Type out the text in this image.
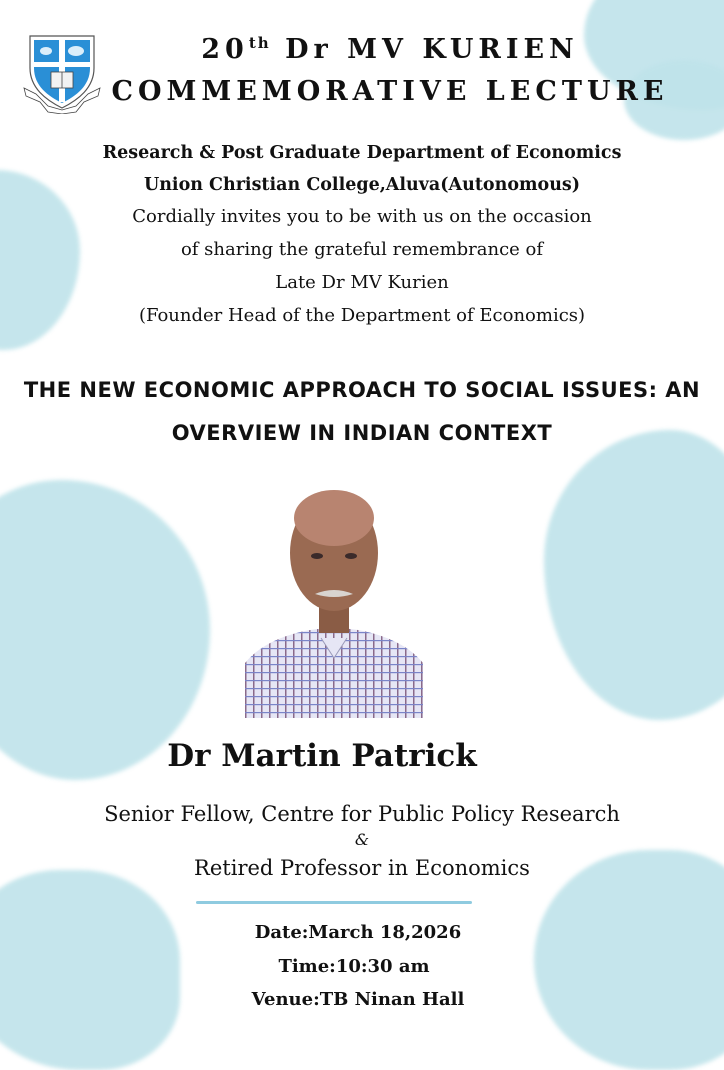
20th Dr MV KURIEN
COMMEMORATIVE LECTURE
Research & Post Graduate Department of Economics
Union Christian College,Aluva(Autonomous)
Cordially invites you to be with us on the occasion
of sharing the grateful remembrance of
Late Dr MV Kurien
(Founder Head of the Department of Economics)
THE NEW ECONOMIC APPROACH TO SOCIAL ISSUES: AN
OVERVIEW IN INDIAN CONTEXT
Dr Martin Patrick
Senior Fellow, Centre for Public Policy Research
&
Retired Professor in Economics
Date:March 18,2026
Time:10:30 am
Venue:TB Ninan Hall
